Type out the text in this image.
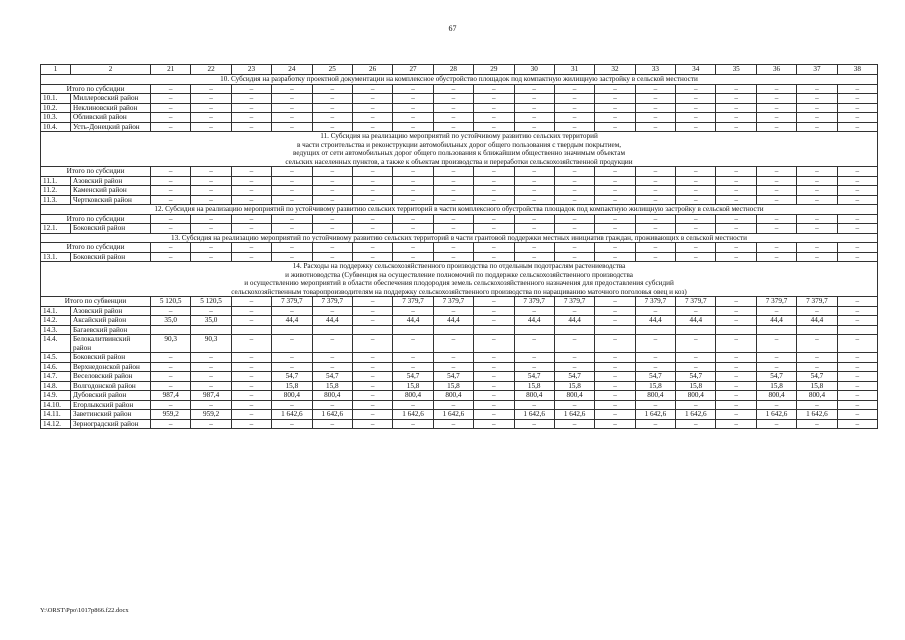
67
1	2	21	22	23	24	25	26	27	28	29	30	31	32	33	34	35	36	37	38
10. Субсидия на разработку проектной документации на комплексное обустройство площадок под компактную жилищную застройку в сельской местности																			
Итого по субсидии		–	–	–	–	–	–	–	–	–	–	–	–	–	–	–	–	–	–
10.1.	Миллеровский район	–	–	–	–	–	–	–	–	–	–	–	–	–	–	–	–	–	–
10.2.	Неклиновский район	–	–	–	–	–	–	–	–	–	–	–	–	–	–	–	–	–	–
10.3.	Обливский район	–	–	–	–	–	–	–	–	–	–	–	–	–	–	–	–	–	–
10.4.	Усть-Донецкий район	–	–	–	–	–	–	–	–	–	–	–	–	–	–	–	–	–	–

11. Субсидия на реализацию мероприятий по устойчивому развитию сельских территорий
в части строительства и реконструкции автомобильных дорог общего пользования с твердым покрытием,
ведущих от сети автомобильных дорог общего пользования к ближайшим общественно значимым объектам
сельских населенных пунктов, а также к объектам производства и переработки сельскохозяйственной продукции																			

Итого по субсидии		–	–	–	–	–	–	–	–	–	–	–	–	–	–	–	–	–	–
11.1.	Азовский район	–	–	–	–	–	–	–	–	–	–	–	–	–	–	–	–	–	–
11.2.	Каменский район	–	–	–	–	–	–	–	–	–	–	–	–	–	–	–	–	–	–
11.3.	Чертковский район	–	–	–	–	–	–	–	–	–	–	–	–	–	–	–	–	–	–
12. Субсидия на реализацию мероприятий по устойчивому развитию сельских территорий в части комплексного обустройства площадок под компактную жилищную застройку в сельской местности																			
Итого по субсидии		–	–	–	–	–	–	–	–	–	–	–	–	–	–	–	–	–	–
12.1.	Боковский район	–	–	–	–	–	–	–	–	–	–	–	–	–	–	–	–	–	–
13. Субсидия на реализацию мероприятий по устойчивому развитию сельских территорий в части грантовой поддержки местных инициатив граждан, проживающих в сельской местности																			
Итого по субсидии		–	–	–	–	–	–	–	–	–	–	–	–	–	–	–	–	–	–
13.1.	Боковский район	–	–	–	–	–	–	–	–	–	–	–	–	–	–	–	–	–	–

14. Расходы на поддержку сельскохозяйственного производства по отдельным подотраслям растениеводства
и животноводства (Субвенция на осуществление полномочий по поддержке сельскохозяйственного производства
и осуществлению мероприятий в области обеспечения плодородия земель сельскохозяйственного назначения для предоставления субсидий
сельскохозяйственным товаропроизводителям на поддержку сельскохозяйственного производства по наращиванию маточного поголовья овец и коз)																			

Итого по субвенции		5 120,5	5 120,5	–	7 379,7	7 379,7	–	7 379,7	7 379,7	–	7 379,7	7 379,7	–	7 379,7	7 379,7	–	7 379,7	7 379,7	–
14.1.	Азовский район	–	–	–	–	–	–	–	–	–	–	–	–	–	–	–	–	–	–
14.2.	Аксайский район	35,0	35,0	–	44,4	44,4	–	44,4	44,4	–	44,4	44,4	–	44,4	44,4	–	44,4	44,4	–
14.3.	Багаевский район																		
14.4.	Белокалитвинский район	90,3	90,3	–	–	–	–	–	–	–	–	–	–	–	–	–	–	–	–
14.5.	Боковский район	–	–	–	–	–	–	–	–	–	–	–	–	–	–	–	–	–	–
14.6.	Верхнедонской район	–	–	–	–	–	–	–	–	–	–	–	–	–	–	–	–	–	–
14.7.	Веселовский район	–	–	–	54,7	54,7	–	54,7	54,7	–	54,7	54,7	–	54,7	54,7	–	54,7	54,7	–
14.8.	Волгодонской район	–	–	–	15,8	15,8	–	15,8	15,8	–	15,8	15,8	–	15,8	15,8	–	15,8	15,8	–
14.9.	Дубовский район	987,4	987,4	–	800,4	800,4	–	800,4	800,4	–	800,4	800,4	–	800,4	800,4	–	800,4	800,4	–
14.10.	Егорлыкский район	–	–	–	–	–	–	–	–	–	–	–	–	–	–	–	–	–	–
14.11.	Заветинский район	959,2	959,2	–	1 642,6	1 642,6	–	1 642,6	1 642,6	–	1 642,6	1 642,6	–	1 642,6	1 642,6	–	1 642,6	1 642,6	–
14.12.	Зерноградский район	–	–	–	–	–	–	–	–	–	–	–	–	–	–	–	–	–	–
Y:\ORST\Ppo\1017p866.f22.docx
